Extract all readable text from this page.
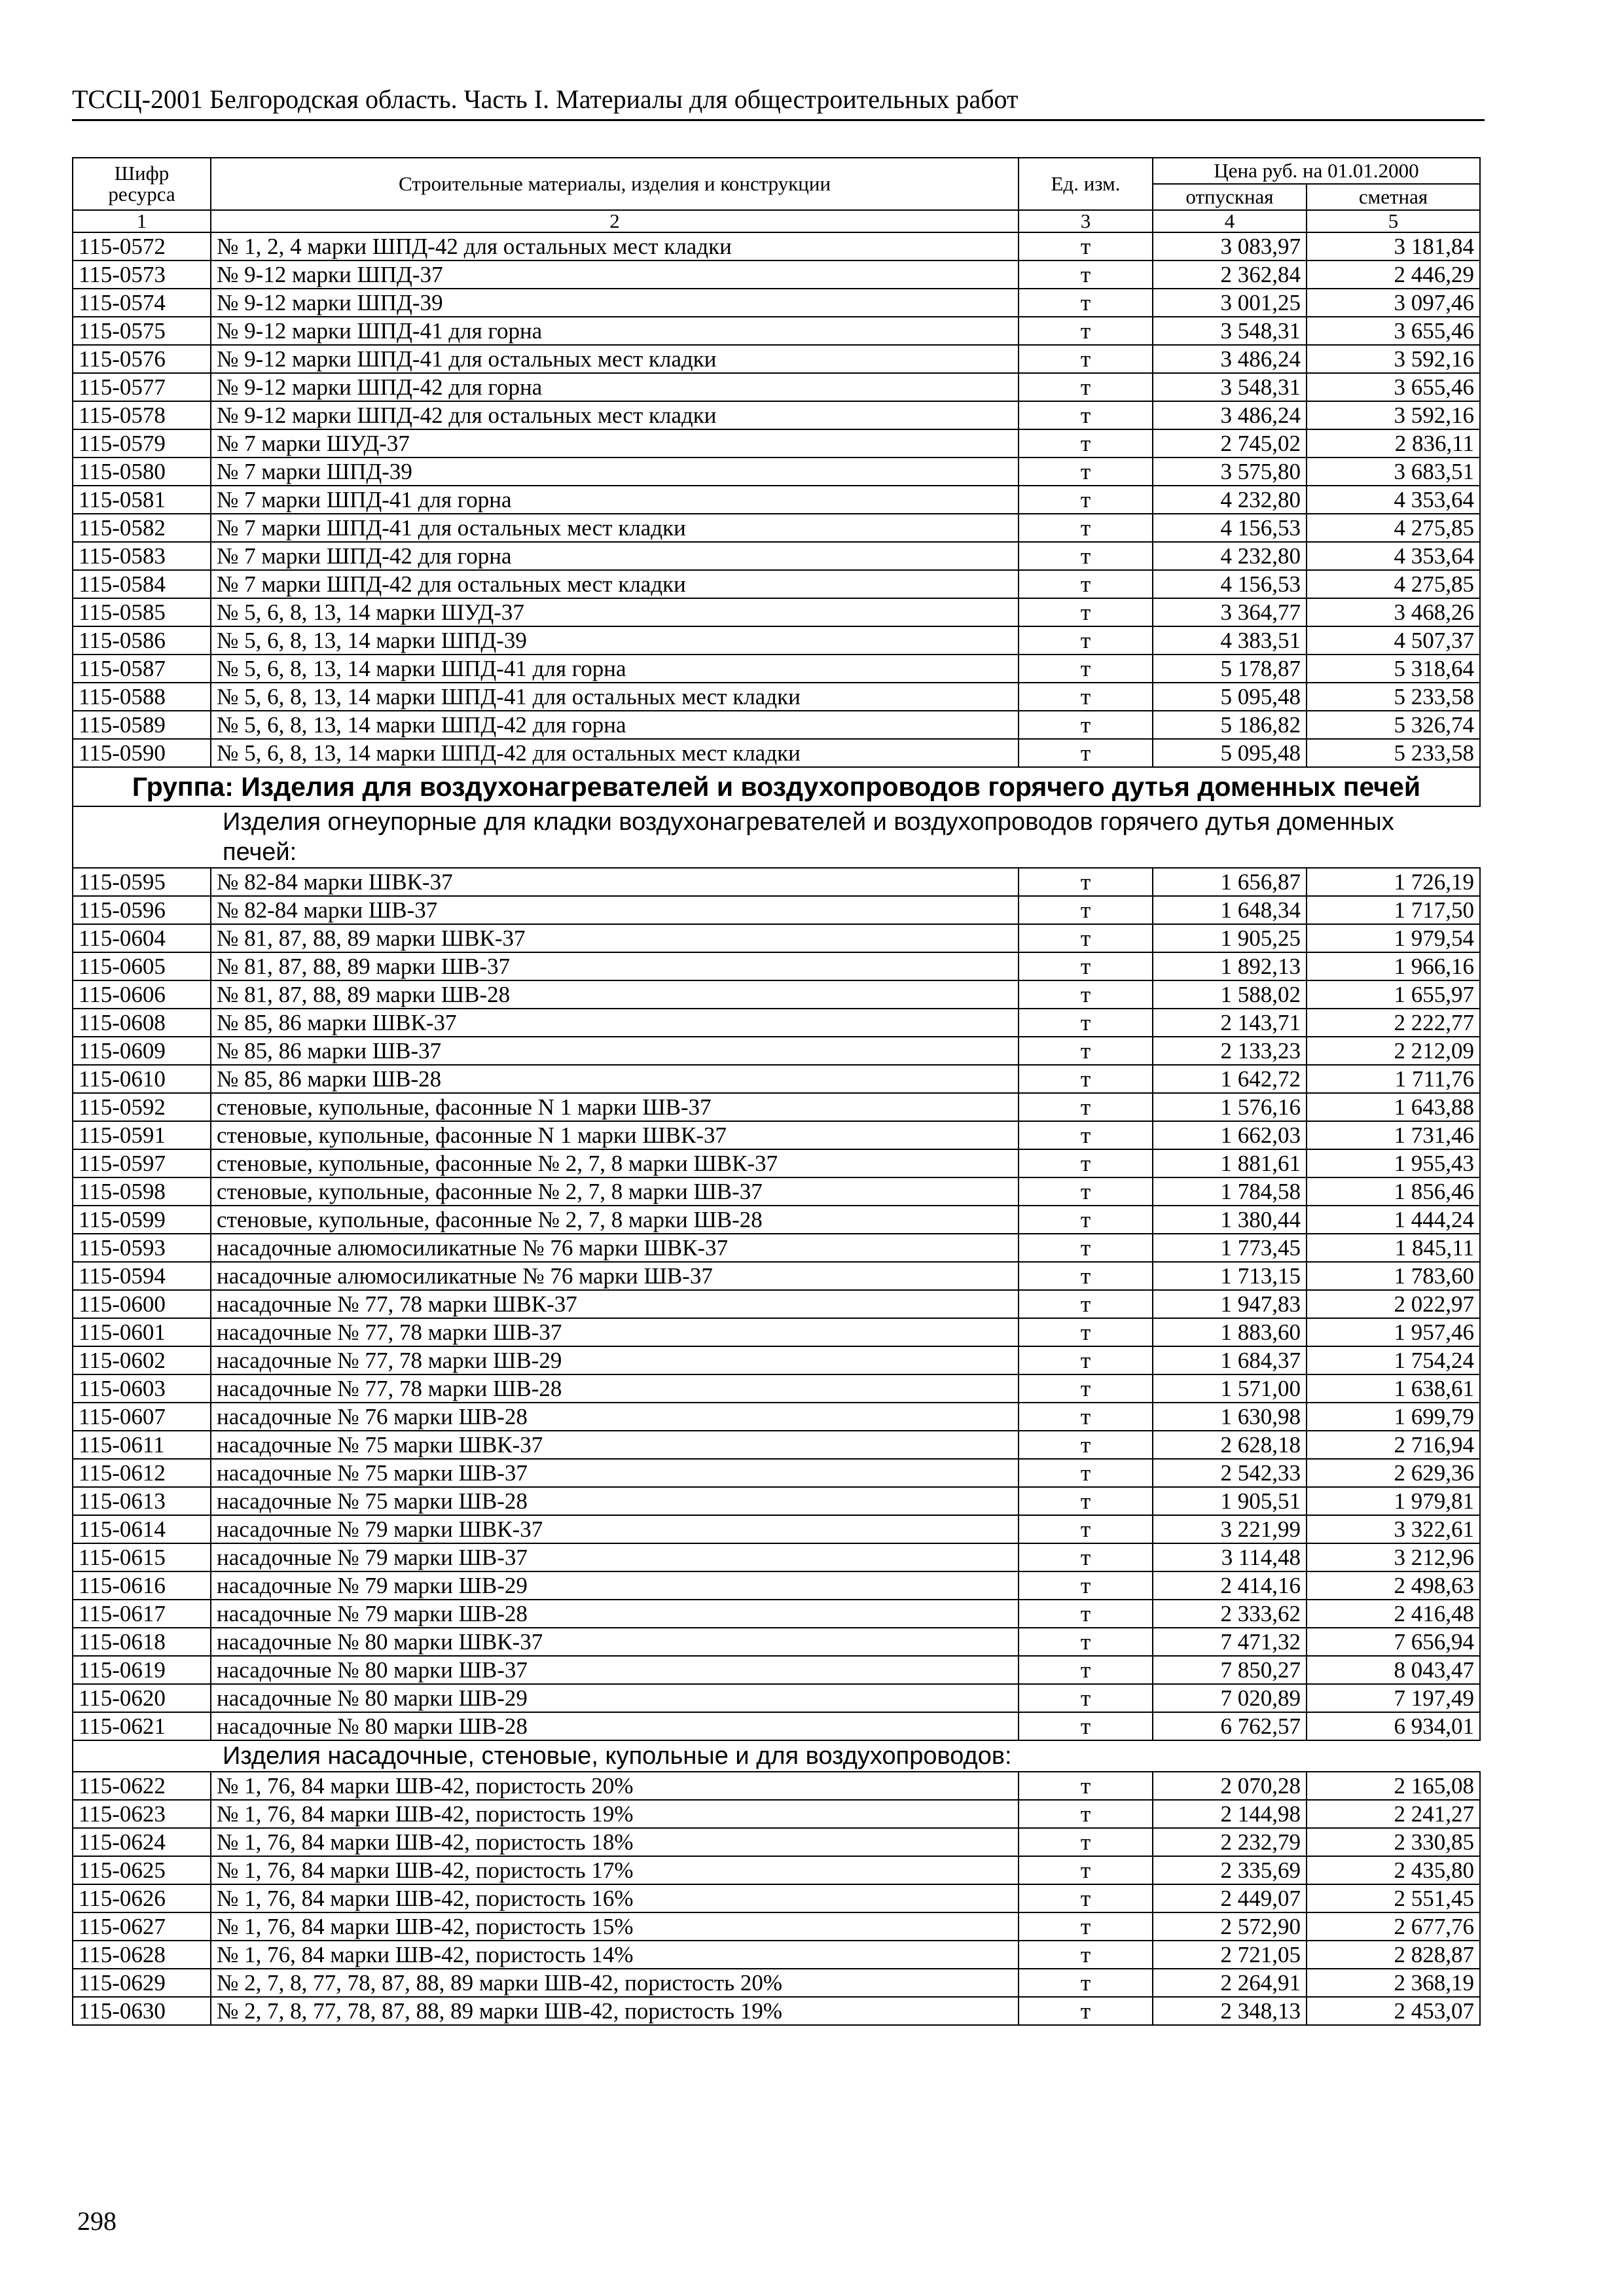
ТССЦ-2001 Белгородская область. Часть I. Материалы для общестроительных работ
Шифр ресурса	Строительные материалы, изделия и конструкции	Ед. изм.	Цена руб. на 01.01.2000	
			отпускная	сметная
1	2	3	4	5
115-0572	№ 1, 2, 4 марки ШПД-42 для остальных мест кладки	т	3 083,97	3 181,84
115-0573	№ 9-12 марки ШПД-37	т	2 362,84	2 446,29
115-0574	№ 9-12 марки ШПД-39	т	3 001,25	3 097,46
115-0575	№ 9-12 марки ШПД-41 для горна	т	3 548,31	3 655,46
115-0576	№ 9-12 марки ШПД-41 для остальных мест кладки	т	3 486,24	3 592,16
115-0577	№ 9-12 марки ШПД-42 для горна	т	3 548,31	3 655,46
115-0578	№ 9-12 марки ШПД-42 для остальных мест кладки	т	3 486,24	3 592,16
115-0579	№ 7 марки ШУД-37	т	2 745,02	2 836,11
115-0580	№ 7 марки ШПД-39	т	3 575,80	3 683,51
115-0581	№ 7 марки ШПД-41 для горна	т	4 232,80	4 353,64
115-0582	№ 7 марки ШПД-41 для остальных мест кладки	т	4 156,53	4 275,85
115-0583	№ 7 марки ШПД-42 для горна	т	4 232,80	4 353,64
115-0584	№ 7 марки ШПД-42 для остальных мест кладки	т	4 156,53	4 275,85
115-0585	№ 5, 6, 8, 13, 14 марки ШУД-37	т	3 364,77	3 468,26
115-0586	№ 5, 6, 8, 13, 14 марки ШПД-39	т	4 383,51	4 507,37
115-0587	№ 5, 6, 8, 13, 14 марки ШПД-41 для горна	т	5 178,87	5 318,64
115-0588	№ 5, 6, 8, 13, 14 марки ШПД-41 для остальных мест кладки	т	5 095,48	5 233,58
115-0589	№ 5, 6, 8, 13, 14 марки ШПД-42 для горна	т	5 186,82	5 326,74
115-0590	№ 5, 6, 8, 13, 14 марки ШПД-42 для остальных мест кладки	т	5 095,48	5 233,58
Группа: Изделия для воздухонагревателей и воздухопроводов горячего дутья доменных печей				
Изделия огнеупорные для кладки воздухонагревателей и воздухопроводов горячего дутья доменных печей:				
115-0595	№ 82-84 марки ШВК-37	т	1 656,87	1 726,19
115-0596	№ 82-84 марки ШВ-37	т	1 648,34	1 717,50
115-0604	№ 81, 87, 88, 89 марки ШВК-37	т	1 905,25	1 979,54
115-0605	№ 81, 87, 88, 89 марки ШВ-37	т	1 892,13	1 966,16
115-0606	№ 81, 87, 88, 89 марки ШВ-28	т	1 588,02	1 655,97
115-0608	№ 85, 86 марки ШВК-37	т	2 143,71	2 222,77
115-0609	№ 85, 86 марки ШВ-37	т	2 133,23	2 212,09
115-0610	№ 85, 86 марки ШВ-28	т	1 642,72	1 711,76
115-0592	стеновые, купольные, фасонные N 1 марки ШВ-37	т	1 576,16	1 643,88
115-0591	стеновые, купольные, фасонные N 1 марки ШВК-37	т	1 662,03	1 731,46
115-0597	стеновые, купольные, фасонные № 2, 7, 8 марки ШВК-37	т	1 881,61	1 955,43
115-0598	стеновые, купольные, фасонные № 2, 7, 8 марки ШВ-37	т	1 784,58	1 856,46
115-0599	стеновые, купольные, фасонные № 2, 7, 8 марки ШВ-28	т	1 380,44	1 444,24
115-0593	насадочные алюмосиликатные № 76 марки ШВК-37	т	1 773,45	1 845,11
115-0594	насадочные алюмосиликатные № 76 марки ШВ-37	т	1 713,15	1 783,60
115-0600	насадочные № 77, 78 марки ШВК-37	т	1 947,83	2 022,97
115-0601	насадочные № 77, 78 марки ШВ-37	т	1 883,60	1 957,46
115-0602	насадочные № 77, 78 марки ШВ-29	т	1 684,37	1 754,24
115-0603	насадочные № 77, 78 марки ШВ-28	т	1 571,00	1 638,61
115-0607	насадочные № 76 марки ШВ-28	т	1 630,98	1 699,79
115-0611	насадочные № 75 марки ШВК-37	т	2 628,18	2 716,94
115-0612	насадочные № 75 марки ШВ-37	т	2 542,33	2 629,36
115-0613	насадочные № 75 марки ШВ-28	т	1 905,51	1 979,81
115-0614	насадочные № 79 марки ШВК-37	т	3 221,99	3 322,61
115-0615	насадочные № 79 марки ШВ-37	т	3 114,48	3 212,96
115-0616	насадочные № 79 марки ШВ-29	т	2 414,16	2 498,63
115-0617	насадочные № 79 марки ШВ-28	т	2 333,62	2 416,48
115-0618	насадочные № 80 марки ШВК-37	т	7 471,32	7 656,94
115-0619	насадочные № 80 марки ШВ-37	т	7 850,27	8 043,47
115-0620	насадочные № 80 марки ШВ-29	т	7 020,89	7 197,49
115-0621	насадочные № 80 марки ШВ-28	т	6 762,57	6 934,01
Изделия насадочные, стеновые, купольные и для воздухопроводов:				
115-0622	№ 1, 76, 84 марки ШВ-42, пористость 20%	т	2 070,28	2 165,08
115-0623	№ 1, 76, 84 марки ШВ-42, пористость 19%	т	2 144,98	2 241,27
115-0624	№ 1, 76, 84 марки ШВ-42, пористость 18%	т	2 232,79	2 330,85
115-0625	№ 1, 76, 84 марки ШВ-42, пористость 17%	т	2 335,69	2 435,80
115-0626	№ 1, 76, 84 марки ШВ-42, пористость 16%	т	2 449,07	2 551,45
115-0627	№ 1, 76, 84 марки ШВ-42, пористость 15%	т	2 572,90	2 677,76
115-0628	№ 1, 76, 84 марки ШВ-42, пористость 14%	т	2 721,05	2 828,87
115-0629	№ 2, 7, 8, 77, 78, 87, 88, 89 марки ШВ-42, пористость 20%	т	2 264,91	2 368,19
115-0630	№ 2, 7, 8, 77, 78, 87, 88, 89 марки ШВ-42, пористость 19%	т	2 348,13	2 453,07
298
